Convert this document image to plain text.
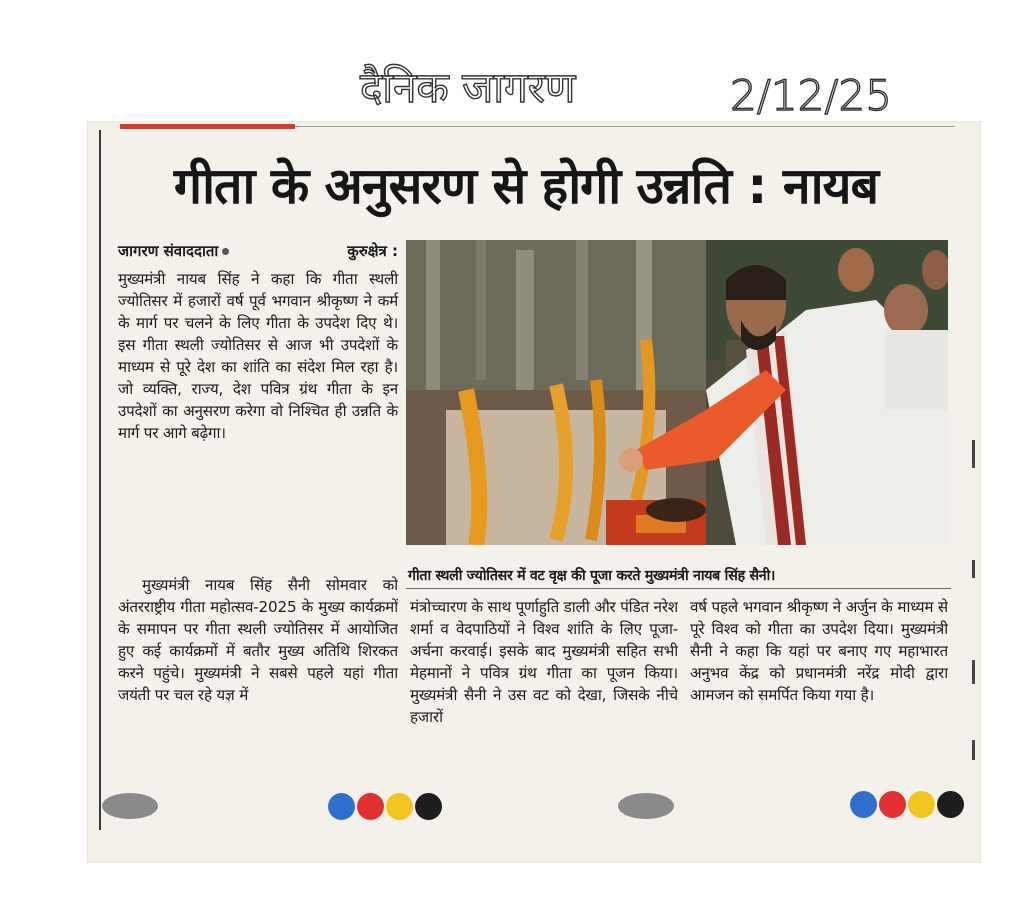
दैनिक जागरण	2/12/25
गीता के अनुसरण से होगी उन्नति : नायब
जागरण संवाददाता	कुरुक्षेत्र :

मुख्यमंत्री नायब सिंह ने कहा कि गीता स्थली ज्योतिसर में हजारों वर्ष पूर्व भगवान श्रीकृष्ण ने कर्म के मार्ग पर चलने के लिए गीता के उपदेश दिए थे। इस गीता स्थली ज्योतिसर से आज भी उपदेशों के माध्यम से पूरे देश का शांति का संदेश मिल रहा है। जो व्यक्ति, राज्य, देश पवित्र ग्रंथ गीता के इन उपदेशों का अनुसरण करेगा वो निश्चित ही उन्नति के मार्ग पर आगे बढ़ेगा।

मुख्यमंत्री नायब सिंह सैनी सोमवार को अंतरराष्ट्रीय गीता महोत्सव-2025 के मुख्य कार्यक्रमों के समापन पर गीता स्थली ज्योतिसर में आयोजित हुए कई कार्यक्रमों में बतौर मुख्य अतिथि शिरकत करने पहुंचे। मुख्यमंत्री ने सबसे पहले यहां गीता जयंती पर चल रहे यज्ञ में

गीता स्थली ज्योतिसर में वट वृक्ष की पूजा करते मुख्यमंत्री नायब सिंह सैनी।

मंत्रोच्चारण के साथ पूर्णाहुति डाली और पंडित नरेश शर्मा व वेदपाठियों ने विश्व शांति के लिए पूजा-अर्चना करवाई। इसके बाद मुख्यमंत्री सहित सभी मेहमानों ने पवित्र ग्रंथ गीता का पूजन किया। मुख्यमंत्री सैनी ने उस वट को देखा, जिसके नीचे हजारों

वर्ष पहले भगवान श्रीकृष्ण ने अर्जुन के माध्यम से पूरे विश्व को गीता का उपदेश दिया। मुख्यमंत्री सैनी ने कहा कि यहां पर बनाए गए महाभारत अनुभव केंद्र को प्रधानमंत्री नरेंद्र मोदी द्वारा आमजन को समर्पित किया गया है।
